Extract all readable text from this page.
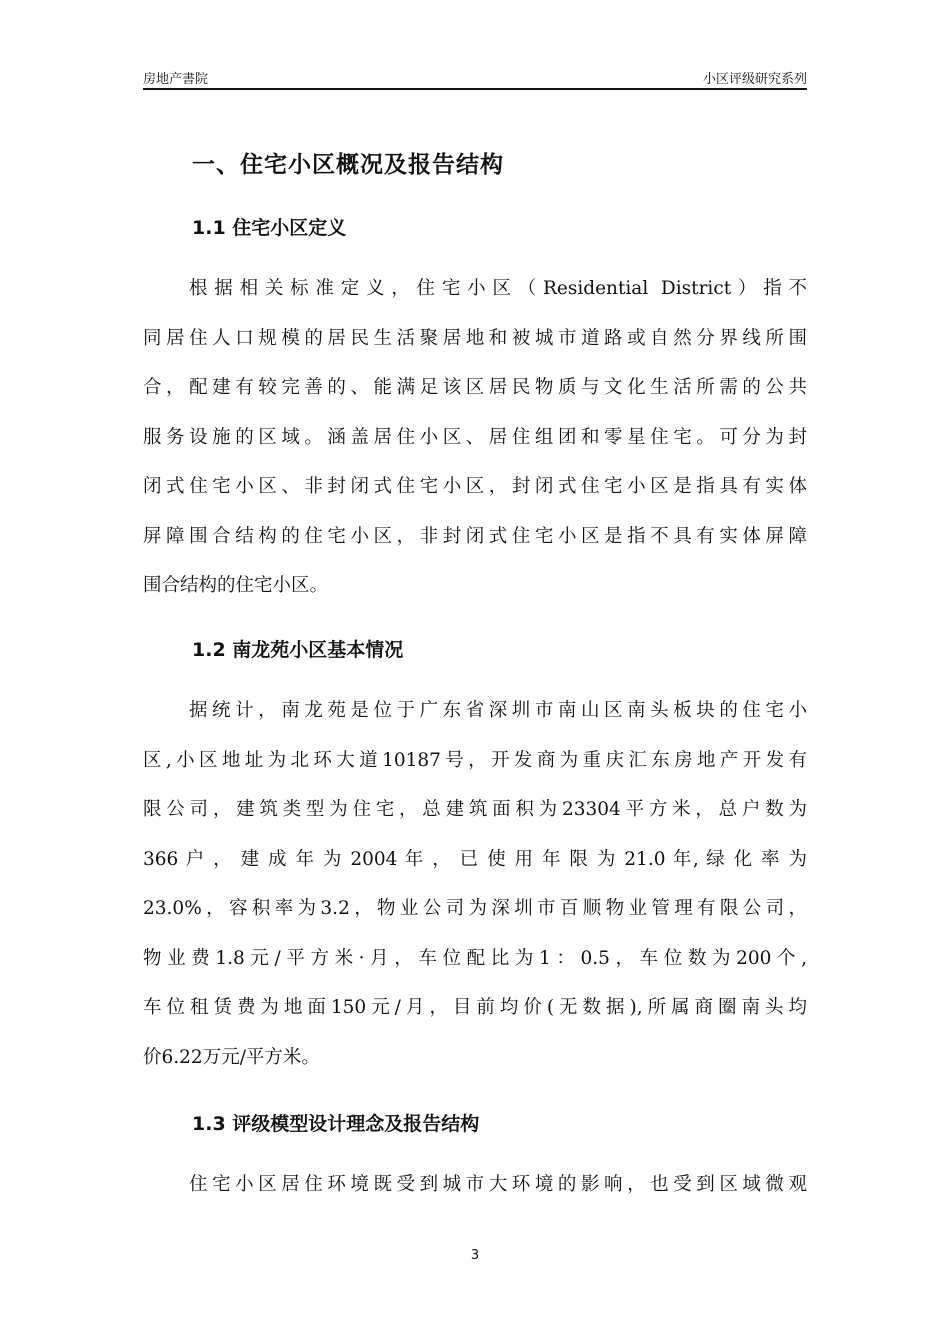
房地产書院	小区评级研究系列
一、住宅小区概况及报告结构
1.1 住宅小区定义
根据相关标准定义，住宅小区（Residential District）指不
同居住人口规模的居民生活聚居地和被城市道路或自然分界线所围
合，配建有较完善的、能满足该区居民物质与文化生活所需的公共
服务设施的区域。涵盖居住小区、居住组团和零星住宅。可分为封
闭式住宅小区、非封闭式住宅小区，封闭式住宅小区是指具有实体
屏障围合结构的住宅小区，非封闭式住宅小区是指不具有实体屏障
围合结构的住宅小区。
1.2 南龙苑小区基本情况
据统计，南龙苑是位于广东省深圳市南山区南头板块的住宅小
区,小区地址为北环大道10187号，开发商为重庆汇东房地产开发有
限公司，建筑类型为住宅，总建筑面积为23304平方米，总户数为
366 户 ， 建 成 年 为 2004 年 ， 已 使 用 年 限 为 21.0 年, 绿 化 率 为
23.0%，容积率为3.2，物业公司为深圳市百顺物业管理有限公司，
物业费1.8元/平方米·月，车位配比为1：0.5，车位数为200个,
车位租赁费为地面150元/月，目前均价(无数据),所属商圈南头均
价6.22万元/平方米。
1.3 评级模型设计理念及报告结构
住宅小区居住环境既受到城市大环境的影响，也受到区域微观
3
